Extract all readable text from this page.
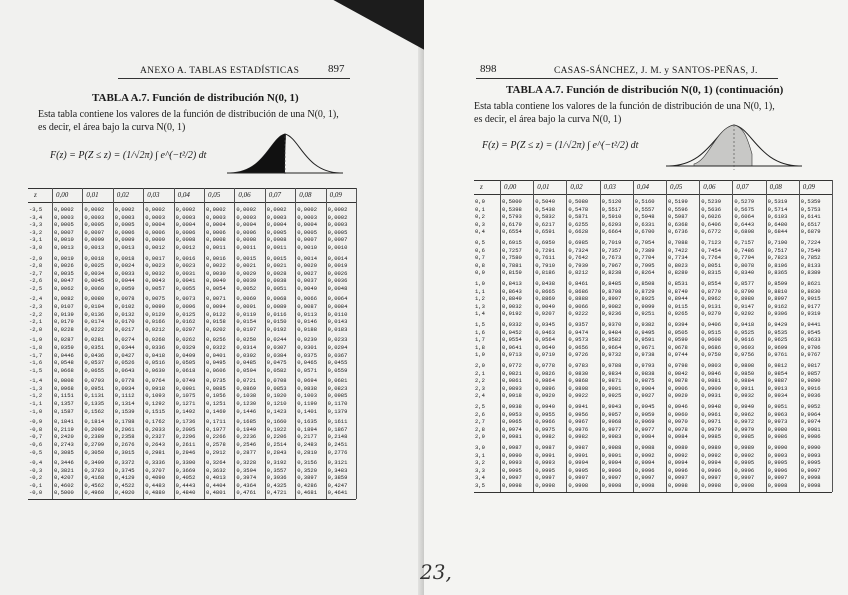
ANEXO A. TABLAS ESTADÍSTICAS	897
TABLA A.7. Función de distribución N(0, 1)
Esta tabla contiene los valores de la función de distribución de una N(0, 1),
es decir, el área bajo la curva N(0, 1)
F(z) = P(Z ≤ z) = (1/√2π) ∫ e^(−t²/2) dt
z	0,00	0,01	0,02	0,03	0,04	0,05	0,06	0,07	0,08	0,09
-3,5 0,0002 0,0002 0,0002 0,0002 0,0002 0,0002 0,0002 0,0002 0,0002 0,0002
-3,4 0,0003 0,0003 0,0003 0,0003 0,0003 0,0003 0,0003 0,0003 0,0003 0,0002
-3,3 0,0005 0,0005 0,0005 0,0004 0,0004 0,0004 0,0004 0,0004 0,0004 0,0003
-3,2 0,0007 0,0007 0,0006 0,0006 0,0006 0,0006 0,0006 0,0005 0,0005 0,0005
-3,1 0,0010 0,0009 0,0009 0,0009 0,0008 0,0008 0,0008 0,0008 0,0007 0,0007
-3,0 0,0013 0,0013 0,0013 0,0012 0,0012 0,0011 0,0011 0,0011 0,0010 0,0010
-2,9 0,0019 0,0018 0,0018 0,0017 0,0016 0,0016 0,0015 0,0015 0,0014 0,0014
-2,8 0,0026 0,0025 0,0024 0,0023 0,0023 0,0022 0,0021 0,0021 0,0020 0,0019
-2,7 0,0035 0,0034 0,0033 0,0032 0,0031 0,0030 0,0029 0,0028 0,0027 0,0026
-2,6 0,0047 0,0045 0,0044 0,0043 0,0041 0,0040 0,0039 0,0038 0,0037 0,0036
-2,5 0,0062 0,0060 0,0059 0,0057 0,0055 0,0054 0,0052 0,0051 0,0049 0,0048
-2,4 0,0082 0,0080 0,0078 0,0075 0,0073 0,0071 0,0069 0,0068 0,0066 0,0064
-2,3 0,0107 0,0104 0,0102 0,0099 0,0096 0,0094 0,0091 0,0089 0,0087 0,0084
-2,2 0,0139 0,0136 0,0132 0,0129 0,0125 0,0122 0,0119 0,0116 0,0113 0,0110
-2,1 0,0179 0,0174 0,0170 0,0166 0,0162 0,0158 0,0154 0,0150 0,0146 0,0143
-2,0 0,0228 0,0222 0,0217 0,0212 0,0207 0,0202 0,0197 0,0192 0,0188 0,0183
-1,9 0,0287 0,0281 0,0274 0,0268 0,0262 0,0256 0,0250 0,0244 0,0239 0,0233
-1,8 0,0359 0,0351 0,0344 0,0336 0,0329 0,0322 0,0314 0,0307 0,0301 0,0294
-1,7 0,0446 0,0436 0,0427 0,0418 0,0409 0,0401 0,0392 0,0384 0,0375 0,0367
-1,6 0,0548 0,0537 0,0526 0,0516 0,0505 0,0495 0,0485 0,0475 0,0465 0,0455
-1,5 0,0668 0,0655 0,0643 0,0630 0,0618 0,0606 0,0594 0,0582 0,0571 0,0559
-1,4 0,0808 0,0793 0,0778 0,0764 0,0749 0,0735 0,0721 0,0708 0,0694 0,0681
-1,3 0,0968 0,0951 0,0934 0,0918 0,0901 0,0885 0,0869 0,0853 0,0838 0,0823
-1,2 0,1151 0,1131 0,1112 0,1093 0,1075 0,1056 0,1038 0,1020 0,1003 0,0985
-1,1 0,1357 0,1335 0,1314 0,1292 0,1271 0,1251 0,1230 0,1210 0,1190 0,1170
-1,0 0,1587 0,1562 0,1539 0,1515 0,1492 0,1469 0,1446 0,1423 0,1401 0,1379
-0,9 0,1841 0,1814 0,1788 0,1762 0,1736 0,1711 0,1685 0,1660 0,1635 0,1611
-0,8 0,2119 0,2090 0,2061 0,2033 0,2005 0,1977 0,1949 0,1922 0,1894 0,1867
-0,7 0,2420 0,2389 0,2358 0,2327 0,2296 0,2266 0,2236 0,2206 0,2177 0,2148
-0,6 0,2743 0,2709 0,2676 0,2643 0,2611 0,2578 0,2546 0,2514 0,2483 0,2451
-0,5 0,3085 0,3050 0,3015 0,2981 0,2946 0,2912 0,2877 0,2843 0,2810 0,2776
-0,4 0,3446 0,3409 0,3372 0,3336 0,3300 0,3264 0,3228 0,3192 0,3156 0,3121
-0,3 0,3821 0,3783 0,3745 0,3707 0,3669 0,3632 0,3594 0,3557 0,3520 0,3483
-0,2 0,4207 0,4168 0,4129 0,4090 0,4052 0,4013 0,3974 0,3936 0,3897 0,3859
-0,1 0,4602 0,4562 0,4522 0,4483 0,4443 0,4404 0,4364 0,4325 0,4286 0,4247
-0,0 0,5000 0,4960 0,4920 0,4880 0,4840 0,4801 0,4761 0,4721 0,4681 0,4641
898	CASAS-SÁNCHEZ, J. M. y SANTOS-PEÑAS, J.
TABLA A.7. Función de distribución N(0, 1) (continuación)
Esta tabla contiene los valores de la función de distribución de una N(0, 1),
es decir, el área bajo la curva N(0, 1)
F(z) = P(Z ≤ z) = (1/√2π) ∫ e^(−t²/2) dt
z	0,00	0,01	0,02	0,03	0,04	0,05	0,06	0,07	0,08	0,09
0,0	0,5000 0,5040 0,5080 0,5120 0,5160 0,5199 0,5239 0,5279 0,5319 0,5359
0,1	0,5398 0,5438 0,5478 0,5517 0,5557 0,5596 0,5636 0,5675 0,5714 0,5753
0,2	0,5793 0,5832 0,5871 0,5910 0,5948 0,5987 0,6026 0,6064 0,6103 0,6141
0,3	0,6179 0,6217 0,6255 0,6293 0,6331 0,6368 0,6406 0,6443 0,6480 0,6517
0,4	0,6554 0,6591 0,6628 0,6664 0,6700 0,6736 0,6772 0,6808 0,6844 0,6879
0,5	0,6915 0,6950 0,6985 0,7019 0,7054 0,7088 0,7123 0,7157 0,7190 0,7224
0,6	0,7257 0,7291 0,7324 0,7357 0,7389 0,7422 0,7454 0,7486 0,7517 0,7549
0,7	0,7580 0,7611 0,7642 0,7673 0,7704 0,7734 0,7764 0,7794 0,7823 0,7852
0,8	0,7881 0,7910 0,7939 0,7967 0,7995 0,8023 0,8051 0,8078 0,8106 0,8133
0,9	0,8159 0,8186 0,8212 0,8238 0,8264 0,8289 0,8315 0,8340 0,8365 0,8389
1,0	0,8413 0,8438 0,8461 0,8485 0,8508 0,8531 0,8554 0,8577 0,8599 0,8621
1,1	0,8643 0,8665 0,8686 0,8708 0,8729 0,8749 0,8770 0,8790 0,8810 0,8830
1,2	0,8849 0,8869 0,8888 0,8907 0,8925 0,8944 0,8962 0,8980 0,8997 0,9015
1,3	0,9032 0,9049 0,9066 0,9082 0,9099 0,9115 0,9131 0,9147 0,9162 0,9177
1,4	0,9192 0,9207 0,9222 0,9236 0,9251 0,9265 0,9279 0,9292 0,9306 0,9319
1,5	0,9332 0,9345 0,9357 0,9370 0,9382 0,9394 0,9406 0,9418 0,9429 0,9441
1,6	0,9452 0,9463 0,9474 0,9484 0,9495 0,9505 0,9515 0,9525 0,9535 0,9545
1,7	0,9554 0,9564 0,9573 0,9582 0,9591 0,9599 0,9608 0,9616 0,9625 0,9633
1,8	0,9641 0,9649 0,9656 0,9664 0,9671 0,9678 0,9686 0,9693 0,9699 0,9706
1,9	0,9713 0,9719 0,9726 0,9732 0,9738 0,9744 0,9750 0,9756 0,9761 0,9767
2,0	0,9772 0,9778 0,9783 0,9788 0,9793 0,9798 0,9803 0,9808 0,9812 0,9817
2,1	0,9821 0,9826 0,9830 0,9834 0,9838 0,9842 0,9846 0,9850 0,9854 0,9857
2,2	0,9861 0,9864 0,9868 0,9871 0,9875 0,9878 0,9881 0,9884 0,9887 0,9890
2,3	0,9893 0,9896 0,9898 0,9901 0,9904 0,9906 0,9909 0,9911 0,9913 0,9916
2,4	0,9918 0,9920 0,9922 0,9925 0,9927 0,9929 0,9931 0,9932 0,9934 0,9936
2,5	0,9938 0,9940 0,9941 0,9943 0,9945 0,9946 0,9948 0,9949 0,9951 0,9952
2,6	0,9953 0,9955 0,9956 0,9957 0,9959 0,9960 0,9961 0,9962 0,9963 0,9964
2,7	0,9965 0,9966 0,9967 0,9968 0,9969 0,9970 0,9971 0,9972 0,9973 0,9974
2,8	0,9974 0,9975 0,9976 0,9977 0,9977 0,9978 0,9979 0,9979 0,9980 0,9981
2,9	0,9981 0,9982 0,9982 0,9983 0,9984 0,9984 0,9985 0,9985 0,9986 0,9986
3,0	0,9987 0,9987 0,9987 0,9988 0,9988 0,9989 0,9989 0,9989 0,9990 0,9990
3,1	0,9990 0,9991 0,9991 0,9991 0,9992 0,9992 0,9992 0,9992 0,9993 0,9993
3,2	0,9993 0,9993 0,9994 0,9994 0,9994 0,9994 0,9994 0,9995 0,9995 0,9995
3,3	0,9995 0,9995 0,9995 0,9996 0,9996 0,9996 0,9996 0,9996 0,9996 0,9997
3,4	0,9997 0,9997 0,9997 0,9997 0,9997 0,9997 0,9997 0,9997 0,9997 0,9998
3,5	0,9998 0,9998 0,9998 0,9998 0,9998 0,9998 0,9998 0,9998 0,9998 0,9998
23,
